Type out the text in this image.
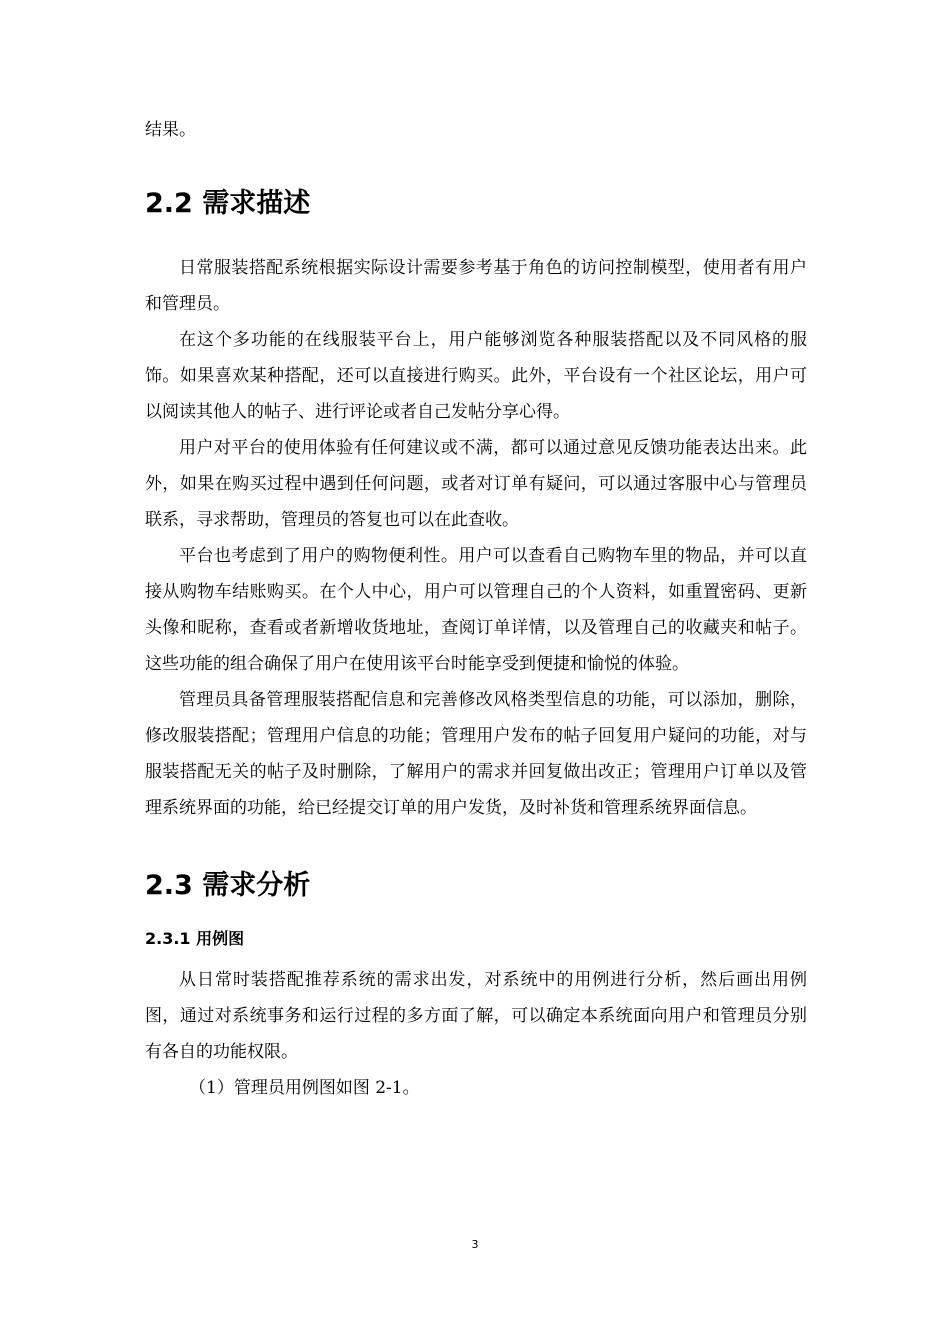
结果。

2.2 需求描述

日常服装搭配系统根据实际设计需要参考基于角色的访问控制模型，使用者有用户和管理员。

在这个多功能的在线服装平台上，用户能够浏览各种服装搭配以及不同风格的服饰。如果喜欢某种搭配，还可以直接进行购买。此外，平台设有一个社区论坛，用户可以阅读其他人的帖子、进行评论或者自己发帖分享心得。

用户对平台的使用体验有任何建议或不满，都可以通过意见反馈功能表达出来。此外，如果在购买过程中遇到任何问题，或者对订单有疑问，可以通过客服中心与管理员联系，寻求帮助，管理员的答复也可以在此查收。

平台也考虑到了用户的购物便利性。用户可以查看自己购物车里的物品，并可以直接从购物车结账购买。在个人中心，用户可以管理自己的个人资料，如重置密码、更新头像和昵称，查看或者新增收货地址，查阅订单详情，以及管理自己的收藏夹和帖子。这些功能的组合确保了用户在使用该平台时能享受到便捷和愉悦的体验。

管理员具备管理服装搭配信息和完善修改风格类型信息的功能，可以添加，删除，修改服装搭配；管理用户信息的功能；管理用户发布的帖子回复用户疑问的功能，对与服装搭配无关的帖子及时删除，了解用户的需求并回复做出改正；管理用户订单以及管理系统界面的功能，给已经提交订单的用户发货，及时补货和管理系统界面信息。

2.3 需求分析
2.3.1 用例图

从日常时装搭配推荐系统的需求出发，对系统中的用例进行分析，然后画出用例图，通过对系统事务和运行过程的多方面了解，可以确定本系统面向用户和管理员分别有各自的功能权限。

（1）管理员用例图如图 2-1。

3
